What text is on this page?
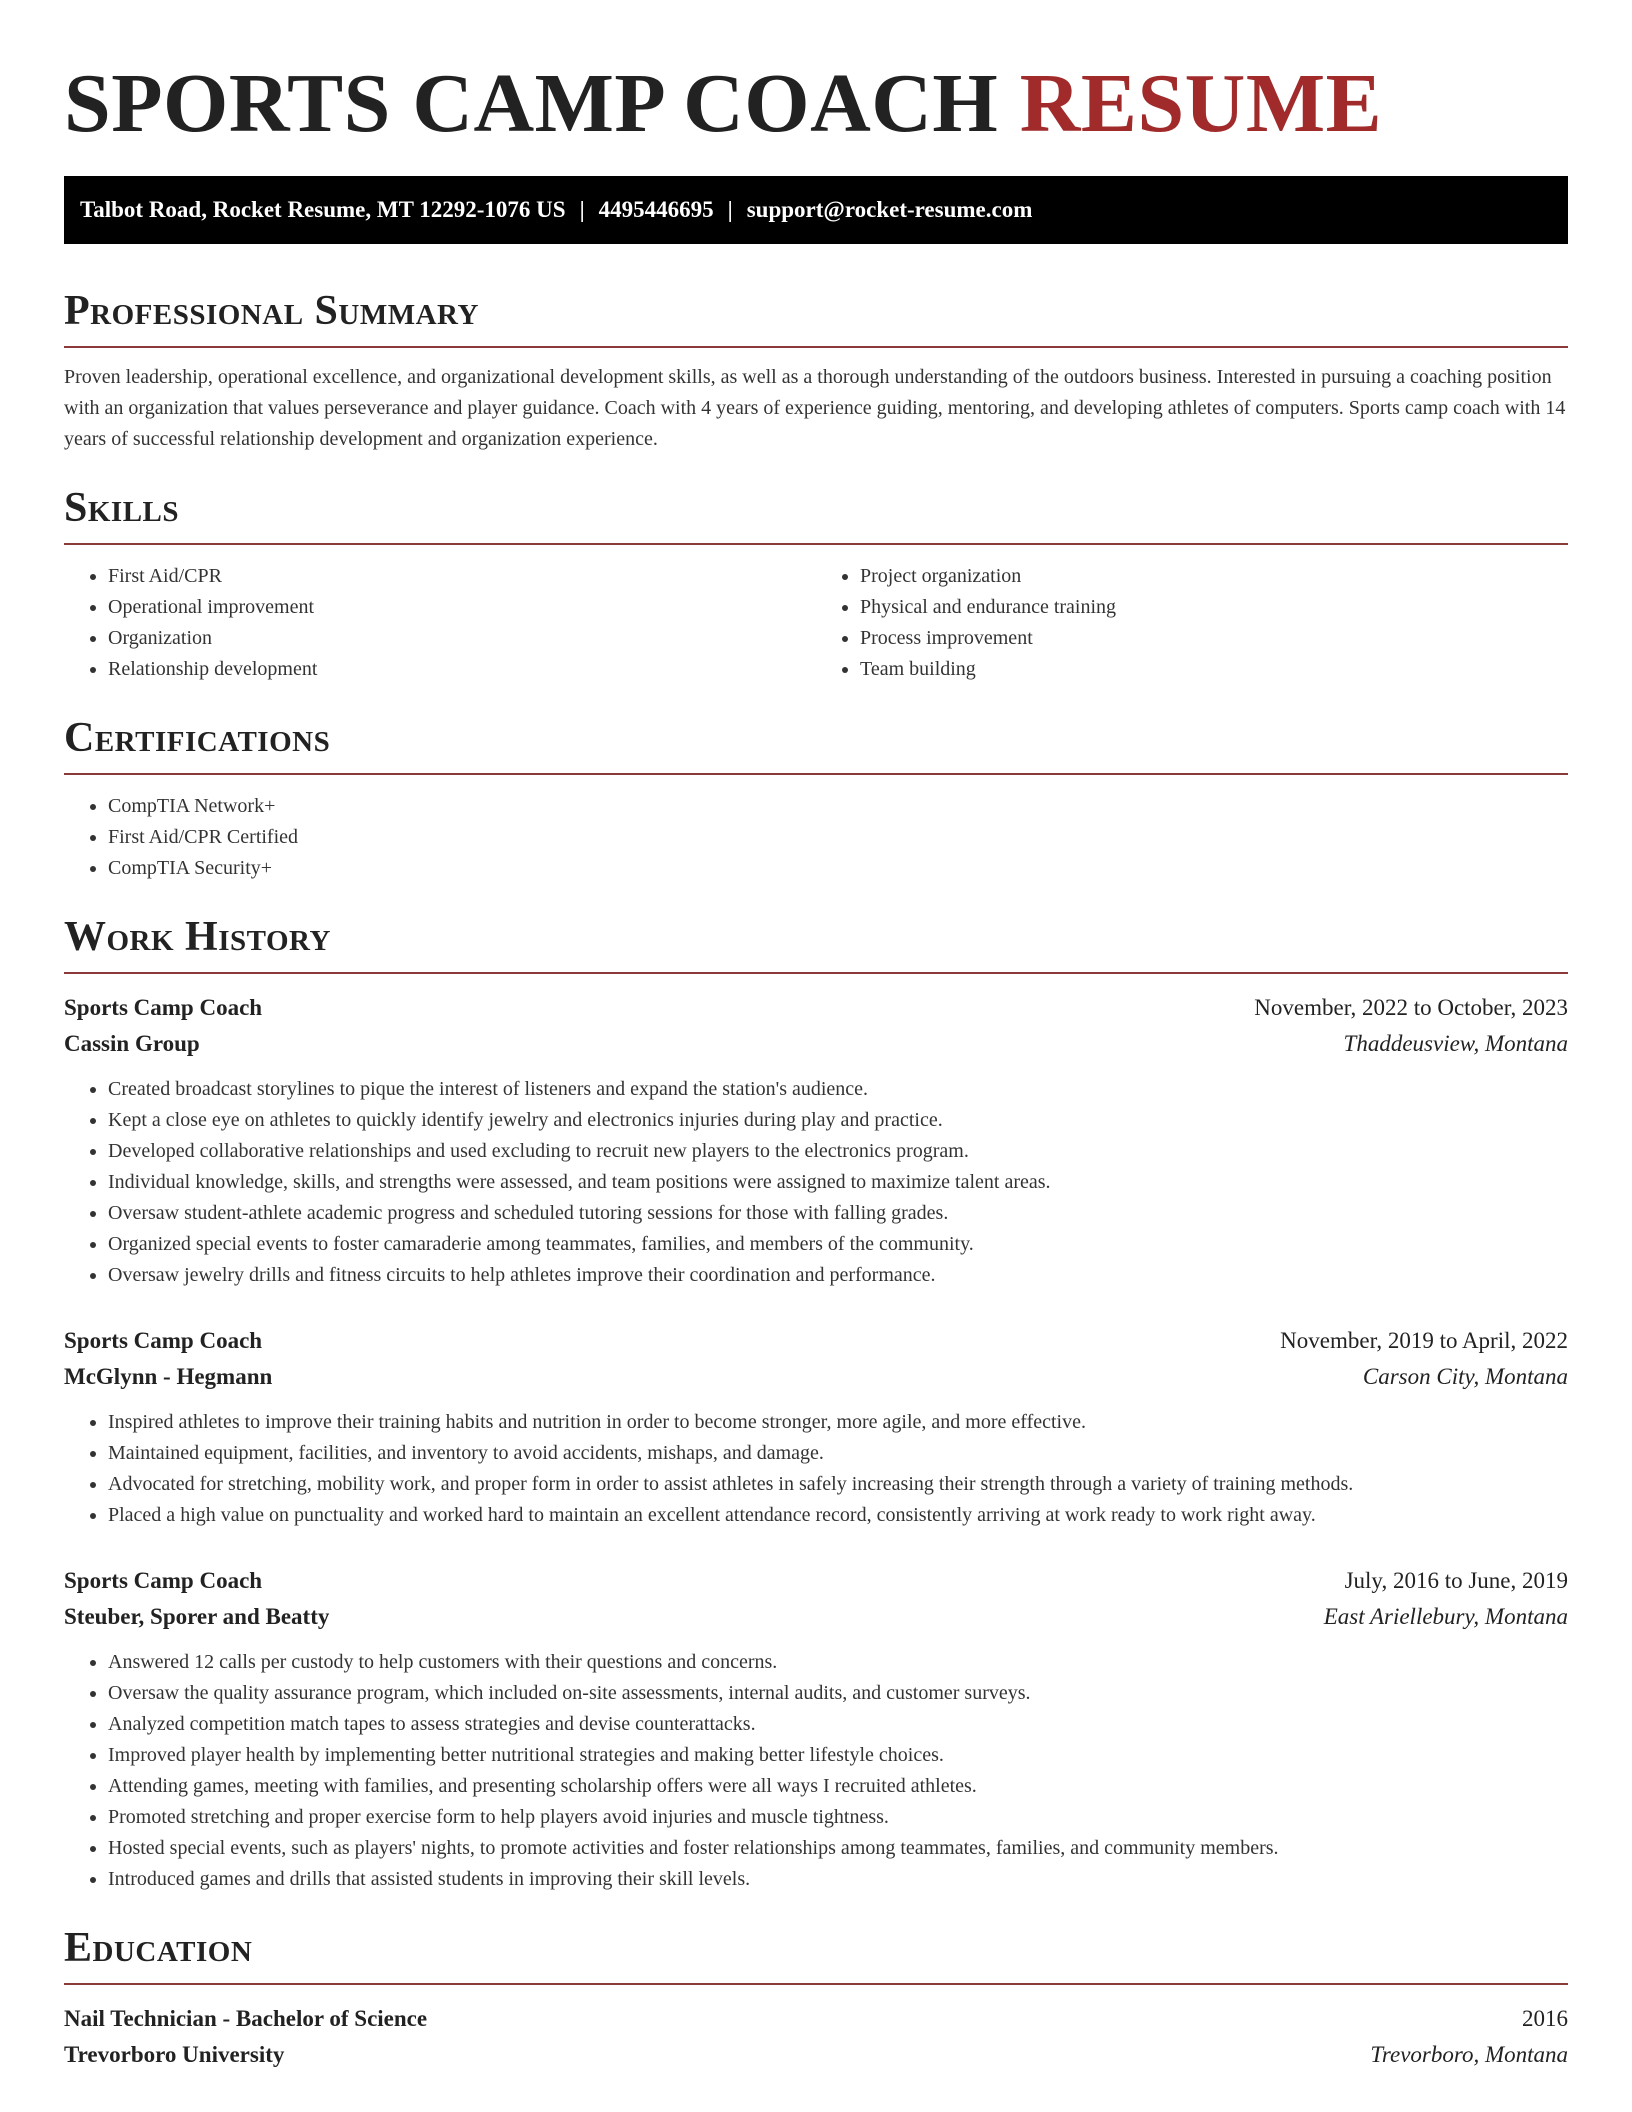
SPORTS CAMP COACH RESUME
Talbot Road, Rocket Resume, MT 12292-1076 US | 4495446695 | support@rocket-resume.com
Professional Summary

Proven leadership, operational excellence, and organizational development skills, as well as a thorough understanding of the outdoors business. Interested in pursuing a coaching position with an organization that values perseverance and player guidance. Coach with 4 years of experience guiding, mentoring, and developing athletes of computers. Sports camp coach with 14 years of successful relationship development and organization experience.

Skills
• First Aid/CPR
• Operational improvement
• Organization
• Relationship development
• Project organization
• Physical and endurance training
• Process improvement
• Team building
Certifications
• CompTIA Network+
• First Aid/CPR Certified
• CompTIA Security+
Work History
Sports Camp Coach	November, 2022 to October, 2023
Cassin Group	Thaddeusview, Montana
• Created broadcast storylines to pique the interest of listeners and expand the station's audience.
• Kept a close eye on athletes to quickly identify jewelry and electronics injuries during play and practice.
• Developed collaborative relationships and used excluding to recruit new players to the electronics program.
• Individual knowledge, skills, and strengths were assessed, and team positions were assigned to maximize talent areas.
• Oversaw student-athlete academic progress and scheduled tutoring sessions for those with falling grades.
• Organized special events to foster camaraderie among teammates, families, and members of the community.
• Oversaw jewelry drills and fitness circuits to help athletes improve their coordination and performance.
Sports Camp Coach	November, 2019 to April, 2022
McGlynn - Hegmann	Carson City, Montana
• Inspired athletes to improve their training habits and nutrition in order to become stronger, more agile, and more effective.
• Maintained equipment, facilities, and inventory to avoid accidents, mishaps, and damage.
• Advocated for stretching, mobility work, and proper form in order to assist athletes in safely increasing their strength through a variety of training methods.
• Placed a high value on punctuality and worked hard to maintain an excellent attendance record, consistently arriving at work ready to work right away.
Sports Camp Coach	July, 2016 to June, 2019
Steuber, Sporer and Beatty	East Ariellebury, Montana
• Answered 12 calls per custody to help customers with their questions and concerns.
• Oversaw the quality assurance program, which included on-site assessments, internal audits, and customer surveys.
• Analyzed competition match tapes to assess strategies and devise counterattacks.
• Improved player health by implementing better nutritional strategies and making better lifestyle choices.
• Attending games, meeting with families, and presenting scholarship offers were all ways I recruited athletes.
• Promoted stretching and proper exercise form to help players avoid injuries and muscle tightness.
• Hosted special events, such as players' nights, to promote activities and foster relationships among teammates, families, and community members.
• Introduced games and drills that assisted students in improving their skill levels.
Education
Nail Technician - Bachelor of Science	2016
Trevorboro University	Trevorboro, Montana
